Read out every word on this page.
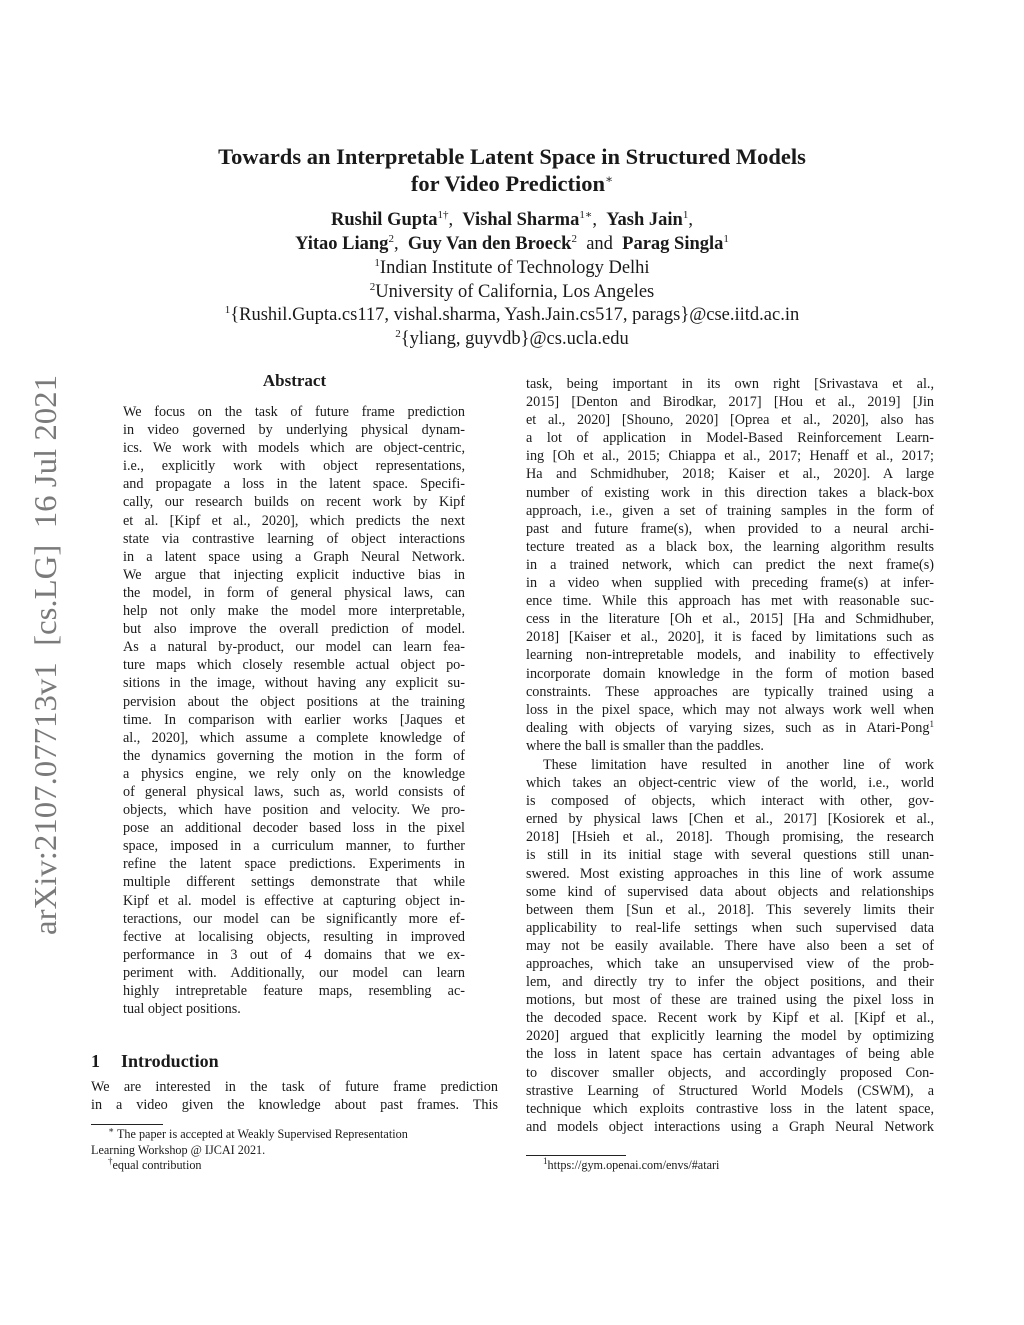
arXiv:2107.07713v1  [cs.LG]  16 Jul 2021
Towards an Interpretable Latent Space in Structured Models
for Video Prediction∗
Rushil Gupta$^{1\dagger}$, Vishal Sharma$^{1∗}$, Yash Jain$^1$,
Yitao Liang$^2$, Guy Van den Broeck$^2$ and Parag Singla$^1$
$^1$Indian Institute of Technology Delhi
$^2$University of California, Los Angeles
$^1${Rushil.Gupta.cs117, vishal.sharma, Yash.Jain.cs517, parags}@cse.iitd.ac.in
$^2${yliang, guyvdb}@cs.ucla.edu
Abstract
We focus on the task of future frame prediction
in video governed by underlying physical dynam-
ics. We work with models which are object-centric,
i.e., explicitly work with object representations,
and propagate a loss in the latent space. Specifi-
cally, our research builds on recent work by Kipf
et al. [Kipf et al., 2020], which predicts the next
state via contrastive learning of object interactions
in a latent space using a Graph Neural Network.
We argue that injecting explicit inductive bias in
the model, in form of general physical laws, can
help not only make the model more interpretable,
but also improve the overall prediction of model.
As a natural by-product, our model can learn fea-
ture maps which closely resemble actual object po-
sitions in the image, without having any explicit su-
pervision about the object positions at the training
time. In comparison with earlier works [Jaques et
al., 2020], which assume a complete knowledge of
the dynamics governing the motion in the form of
a physics engine, we rely only on the knowledge
of general physical laws, such as, world consists of
objects, which have position and velocity. We pro-
pose an additional decoder based loss in the pixel
space, imposed in a curriculum manner, to further
refine the latent space predictions. Experiments in
multiple different settings demonstrate that while
Kipf et al. model is effective at capturing object in-
teractions, our model can be significantly more ef-
fective at localising objects, resulting in improved
performance in 3 out of 4 domains that we ex-
periment with. Additionally, our model can learn
highly intrepretable feature maps, resembling ac-
tual object positions.
1 Introduction
We are interested in the task of future frame prediction
in a video given the knowledge about past frames. This
∗ The paper is accepted at Weakly Supervised Representation
Learning Workshop @ IJCAI 2021.
†equal contribution
task, being important in its own right [Srivastava et al.,
2015] [Denton and Birodkar, 2017] [Hou et al., 2019] [Jin
et al., 2020] [Shouno, 2020] [Oprea et al., 2020], also has
a lot of application in Model-Based Reinforcement Learn-
ing [Oh et al., 2015; Chiappa et al., 2017; Henaff et al., 2017;
Ha and Schmidhuber, 2018; Kaiser et al., 2020]. A large
number of existing work in this direction takes a black-box
approach, i.e., given a set of training samples in the form of
past and future frame(s), when provided to a neural archi-
tecture treated as a black box, the learning algorithm results
in a trained network, which can predict the next frame(s)
in a video when supplied with preceding frame(s) at infer-
ence time. While this approach has met with reasonable suc-
cess in the literature [Oh et al., 2015] [Ha and Schmidhuber,
2018] [Kaiser et al., 2020], it is faced by limitations such as
learning non-intrepretable models, and inability to effectively
incorporate domain knowledge in the form of motion based
constraints. These approaches are typically trained using a
loss in the pixel space, which may not always work well when
dealing with objects of varying sizes, such as in Atari-Pong$^1$
where the ball is smaller than the paddles.
These limitation have resulted in another line of work
which takes an object-centric view of the world, i.e., world
is composed of objects, which interact with other, gov-
erned by physical laws [Chen et al., 2017] [Kosiorek et al.,
2018] [Hsieh et al., 2018]. Though promising, the research
is still in its initial stage with several questions still unan-
swered. Most existing approaches in this line of work assume
some kind of supervised data about objects and relationships
between them [Sun et al., 2018]. This severely limits their
applicability to real-life settings when such supervised data
may not be easily available. There have also been a set of
approaches, which take an unsupervised view of the prob-
lem, and directly try to infer the object positions, and their
motions, but most of these are trained using the pixel loss in
the decoded space. Recent work by Kipf et al. [Kipf et al.,
2020] argued that explicitly learning the model by optimizing
the loss in latent space has certain advantages of being able
to discover smaller objects, and accordingly proposed Con-
strastive Learning of Structured World Models (CSWM), a
technique which exploits contrastive loss in the latent space,
and models object interactions using a Graph Neural Network
$^1$https://gym.openai.com/envs/#atari
